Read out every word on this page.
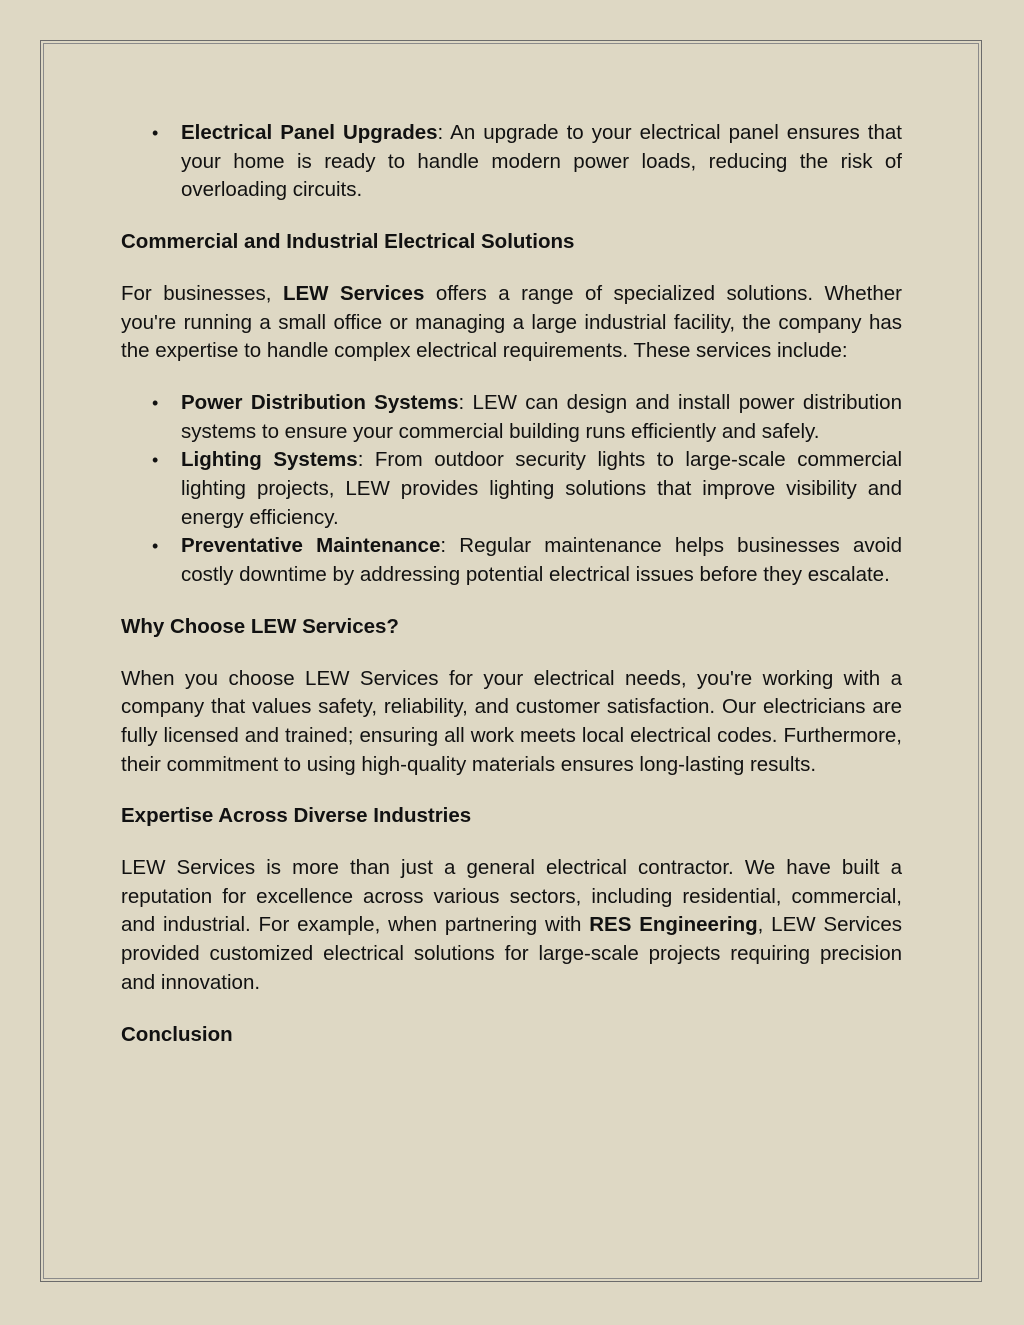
• Electrical Panel Upgrades: An upgrade to your electrical panel ensures that your home is ready to handle modern power loads, reducing the risk of overloading circuits.
Commercial and Industrial Electrical Solutions

For businesses, LEW Services offers a range of specialized solutions. Whether you're running a small office or managing a large industrial facility, the company has the expertise to handle complex electrical requirements. These services include:

• Power Distribution Systems: LEW can design and install power distribution systems to ensure your commercial building runs efficiently and safely.
• Lighting Systems: From outdoor security lights to large-scale commercial lighting projects, LEW provides lighting solutions that improve visibility and energy efficiency.
• Preventative Maintenance: Regular maintenance helps businesses avoid costly downtime by addressing potential electrical issues before they escalate.
Why Choose LEW Services?

When you choose LEW Services for your electrical needs, you're working with a company that values safety, reliability, and customer satisfaction. Our electricians are fully licensed and trained; ensuring all work meets local electrical codes. Furthermore, their commitment to using high-quality materials ensures long-lasting results.

Expertise Across Diverse Industries

LEW Services is more than just a general electrical contractor. We have built a reputation for excellence across various sectors, including residential, commercial, and industrial. For example, when partnering with RES Engineering, LEW Services provided customized electrical solutions for large-scale projects requiring precision and innovation.

Conclusion
